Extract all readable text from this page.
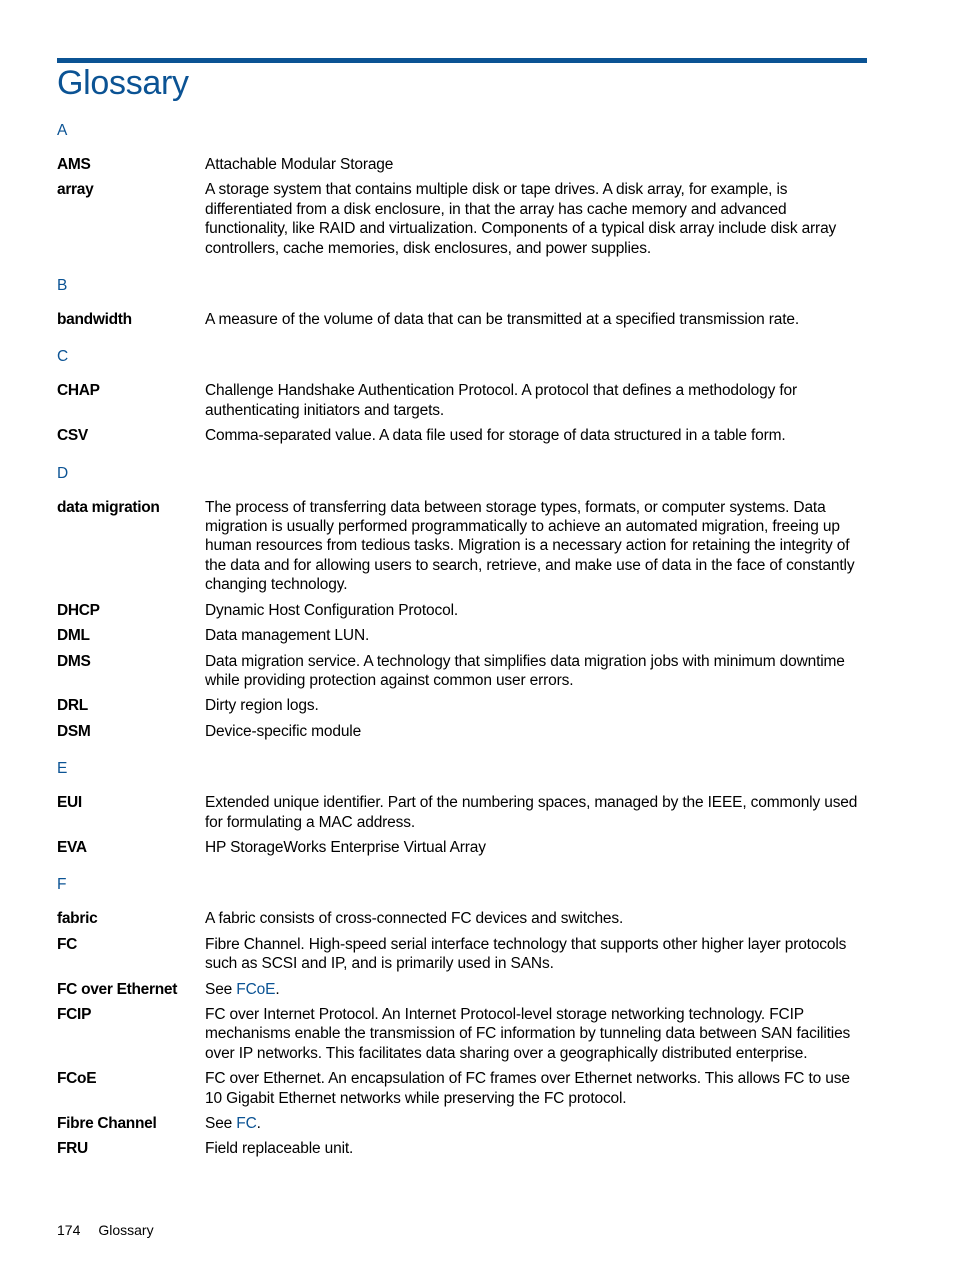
Glossary
A
AMS	Attachable Modular Storage
array	A storage system that contains multiple disk or tape drives. A disk array, for example, is differentiated from a disk enclosure, in that the array has cache memory and advanced functionality, like RAID and virtualization. Components of a typical disk array include disk array controllers, cache memories, disk enclosures, and power supplies.
B
bandwidth	A measure of the volume of data that can be transmitted at a specified transmission rate.
C
CHAP	Challenge Handshake Authentication Protocol. A protocol that defines a methodology for authenticating initiators and targets.
CSV	Comma-separated value. A data file used for storage of data structured in a table form.
D
data migration	The process of transferring data between storage types, formats, or computer systems. Data migration is usually performed programmatically to achieve an automated migration, freeing up human resources from tedious tasks. Migration is a necessary action for retaining the integrity of the data and for allowing users to search, retrieve, and make use of data in the face of constantly changing technology.
DHCP	Dynamic Host Configuration Protocol.
DML	Data management LUN.
DMS	Data migration service. A technology that simplifies data migration jobs with minimum downtime while providing protection against common user errors.
DRL	Dirty region logs.
DSM	Device-specific module
E
EUI	Extended unique identifier. Part of the numbering spaces, managed by the IEEE, commonly used for formulating a MAC address.
EVA	HP StorageWorks Enterprise Virtual Array
F
fabric	A fabric consists of cross-connected FC devices and switches.
FC	Fibre Channel. High-speed serial interface technology that supports other higher layer protocols such as SCSI and IP, and is primarily used in SANs.
FC over Ethernet	See FCoE.
FCIP	FC over Internet Protocol. An Internet Protocol-level storage networking technology. FCIP mechanisms enable the transmission of FC information by tunneling data between SAN facilities over IP networks. This facilitates data sharing over a geographically distributed enterprise.
FCoE	FC over Ethernet. An encapsulation of FC frames over Ethernet networks. This allows FC to use 10 Gigabit Ethernet networks while preserving the FC protocol.
Fibre Channel	See FC.
FRU	Field replaceable unit.
174 Glossary
